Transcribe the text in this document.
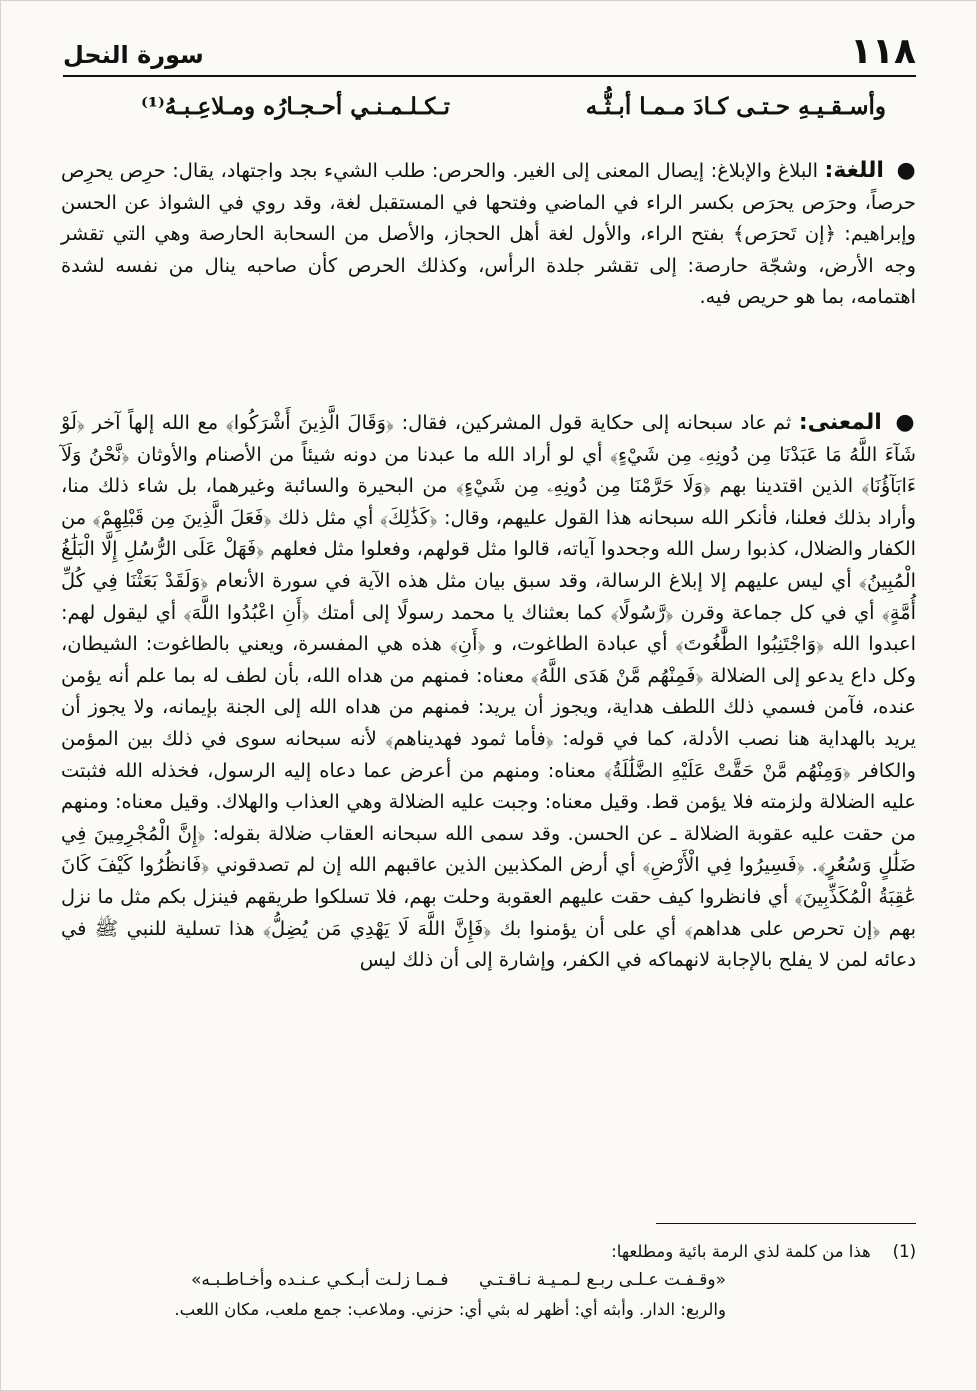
١١٨
سورة النحل
وأسـقـيـهِ حـتـى كـادَ مـمـا أبـثُّـه
تـكـلـمـنـي أحـجـارُه ومـلاعِـبـهُ⁽¹⁾
● اللغة: البلاغ والإبلاغ: إيصال المعنى إلى الغير. والحرص: طلب الشيء بجد واجتهاد، يقال: حرِص يحرِص حرصاً، وحرَص يحرَص بكسر الراء في الماضي وفتحها في المستقبل لغة، وقد روي في الشواذ عن الحسن وإبراهيم: ﴿إن تَحرَص﴾ بفتح الراء، والأول لغة أهل الحجاز، والأصل من السحابة الحارصة وهي التي تقشر وجه الأرض، وشجّة حارصة: إلى تقشر جلدة الرأس، وكذلك الحرص كأن صاحبه ينال من نفسه لشدة اهتمامه، بما هو حريص فيه.
● المعنى: ثم عاد سبحانه إلى حكاية قول المشركين، فقال: ﴿وَقَالَ الَّذِينَ أَشْرَكُوا﴾ مع الله إلهاً آخر ﴿لَوْ شَآءَ اللَّهُ مَا عَبَدْنَا مِن دُونِهِۦ مِن شَيْءٍ﴾ أي لو أراد الله ما عبدنا من دونه شيئاً من الأصنام والأوثان ﴿نَّحْنُ وَلَآ ءَابَآؤُنَا﴾ الذين اقتدينا بهم ﴿وَلَا حَرَّمْنَا مِن دُونِهِۦ مِن شَيْءٍ﴾ من البحيرة والسائبة وغيرهما، بل شاء ذلك منا، وأراد بذلك فعلنا، فأنكر الله سبحانه هذا القول عليهم، وقال: ﴿كَذَٰلِكَ﴾ أي مثل ذلك ﴿فَعَلَ الَّذِينَ مِن قَبْلِهِمْ﴾ من الكفار والضلال، كذبوا رسل الله وجحدوا آياته، قالوا مثل قولهم، وفعلوا مثل فعلهم ﴿فَهَلْ عَلَى الرُّسُلِ إِلَّا الْبَلَٰغُ الْمُبِينُ﴾ أي ليس عليهم إلا إبلاغ الرسالة، وقد سبق بيان مثل هذه الآية في سورة الأنعام ﴿وَلَقَدْ بَعَثْنَا فِي كُلِّ أُمَّةٍ﴾ أي في كل جماعة وقرن ﴿رَّسُولًا﴾ كما بعثناك يا محمد رسولًا إلى أمتك ﴿أَنِ اعْبُدُوا اللَّهَ﴾ أي ليقول لهم: اعبدوا الله ﴿وَاجْتَنِبُوا الطَّٰغُوتَ﴾ أي عبادة الطاغوت، و ﴿أَنِ﴾ هذه هي المفسرة، ويعني بالطاغوت: الشيطان، وكل داع يدعو إلى الضلالة ﴿فَمِنْهُم مَّنْ هَدَى اللَّهُ﴾ معناه: فمنهم من هداه الله، بأن لطف له بما علم أنه يؤمن عنده، فآمن فسمي ذلك اللطف هداية، ويجوز أن يريد: فمنهم من هداه الله إلى الجنة بإيمانه، ولا يجوز أن يريد بالهداية هنا نصب الأدلة، كما في قوله: ﴿فأما ثمود فهديناهم﴾ لأنه سبحانه سوى في ذلك بين المؤمن والكافر ﴿وَمِنْهُم مَّنْ حَقَّتْ عَلَيْهِ الضَّلَٰلَةُ﴾ معناه: ومنهم من أعرض عما دعاه إليه الرسول، فخذله الله فثبتت عليه الضلالة ولزمته فلا يؤمن قط. وقيل معناه: وجبت عليه الضلالة وهي العذاب والهلاك. وقيل معناه: ومنهم من حقت عليه عقوبة الضلالة ـ عن الحسن. وقد سمى الله سبحانه العقاب ضلالة بقوله: ﴿إِنَّ الْمُجْرِمِينَ فِي ضَلَٰلٍ وَسُعُرٍ﴾. ﴿فَسِيرُوا فِي الْأَرْضِ﴾ أي أرض المكذبين الذين عاقبهم الله إن لم تصدقوني ﴿فَانظُرُوا كَيْفَ كَانَ عَٰقِبَةُ الْمُكَذِّبِينَ﴾ أي فانظروا كيف حقت عليهم العقوبة وحلت بهم، فلا تسلكوا طريقهم فينزل بكم مثل ما نزل بهم ﴿إن تحرص على هداهم﴾ أي على أن يؤمنوا بك ﴿فَإِنَّ اللَّهَ لَا يَهْدِي مَن يُضِلُّ﴾ هذا تسلية للنبي ﷺ في دعائه لمن لا يفلح بالإجابة لانهماكه في الكفر، وإشارة إلى أن ذلك ليس
(1) هذا من كلمة لذي الرمة بائية ومطلعها:
«وقـفـت عـلـى ربـع لـمـيـة نـاقـتـي
فـمـا زلـت أبـكـي عـنـده وأخـاطـبـه»
والربع: الدار. وأبثه أي: أظهر له بثي أي: حزني. وملاعب: جمع ملعب، مكان اللعب.
